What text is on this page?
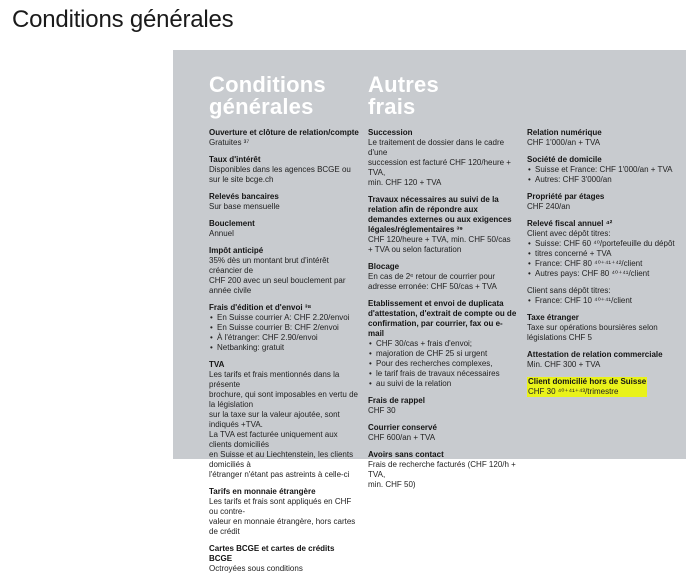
Conditions générales
Conditions
générales
Autres
frais
Ouverture et clôture de relation/compte
Gratuites ³⁷
Taux d'intérêt
Disponibles dans les agences BCGE ou sur le site bcge.ch
Relevés bancaires
Sur base mensuelle
Bouclement
Annuel
Impôt anticipé
35% dès un montant brut d'intérêt créancier de
CHF 200 avec un seul bouclement par année civile
Frais d'édition et d'envoi ³⁸
• En Suisse courrier A: CHF 2.20/envoi
• En Suisse courrier B: CHF 2/envoi
• À l'étranger: CHF 2.90/envoi
• Netbanking: gratuit
TVA
Les tarifs et frais mentionnés dans la présente
brochure, qui sont imposables en vertu de la législation
sur la taxe sur la valeur ajoutée, sont indiqués +TVA.
La TVA est facturée uniquement aux clients domiciliés
en Suisse et au Liechtenstein, les clients domiciliés à
l'étranger n'étant pas astreints à celle-ci
Tarifs en monnaie étrangère
Les tarifs et frais sont appliqués en CHF ou contre-
valeur en monnaie étrangère, hors cartes de crédit
Cartes BCGE et cartes de crédits BCGE
Octroyées sous conditions
Succession
Le traitement de dossier dans le cadre d'une
succession est facturé CHF 120/heure + TVA,
min. CHF 120 + TVA
Travaux nécessaires au suivi de la relation afin de répondre aux demandes externes ou aux exigences légales/réglementaires ³⁹
CHF 120/heure + TVA, min. CHF 50/cas
+ TVA ou selon facturation
Blocage
En cas de 2ᵉ retour de courrier pour
adresse erronée: CHF 50/cas + TVA
Etablissement et envoi de duplicata d'attestation, d'extrait de compte ou de confirmation, par courrier, fax ou e-mail
• CHF 30/cas + frais d'envoi;
• majoration de CHF 25 si urgent
• Pour des recherches complexes,
• le tarif frais de travaux nécessaires
• au suivi de la relation
Frais de rappel
CHF 30
Courrier conservé
CHF 600/an + TVA
Avoirs sans contact
Frais de recherche facturés (CHF 120/h + TVA,
min. CHF 50)
Relation numérique
CHF 1'000/an + TVA
Société de domicile
• Suisse et France: CHF 1'000/an + TVA
• Autres: CHF 3'000/an
Propriété par étages
CHF 240/an
Relevé fiscal annuel ⁴²
Client avec dépôt titres:
• Suisse: CHF 60 ⁴⁰/portefeuille du dépôt
• titres concerné + TVA
• France: CHF 80 ⁴⁰⁺⁴¹⁺⁴²/client
• Autres pays: CHF 80 ⁴⁰⁺⁴¹/client
Client sans dépôt titres:
• France: CHF 10 ⁴⁰⁺⁴¹/client
Taxe étranger
Taxe sur opérations boursières selon
législations CHF 5
Attestation de relation commerciale
Min. CHF 300 + TVA
Client domicilié hors de Suisse
CHF 30 ⁴⁰⁺⁴¹⁺⁴³/trimestre
